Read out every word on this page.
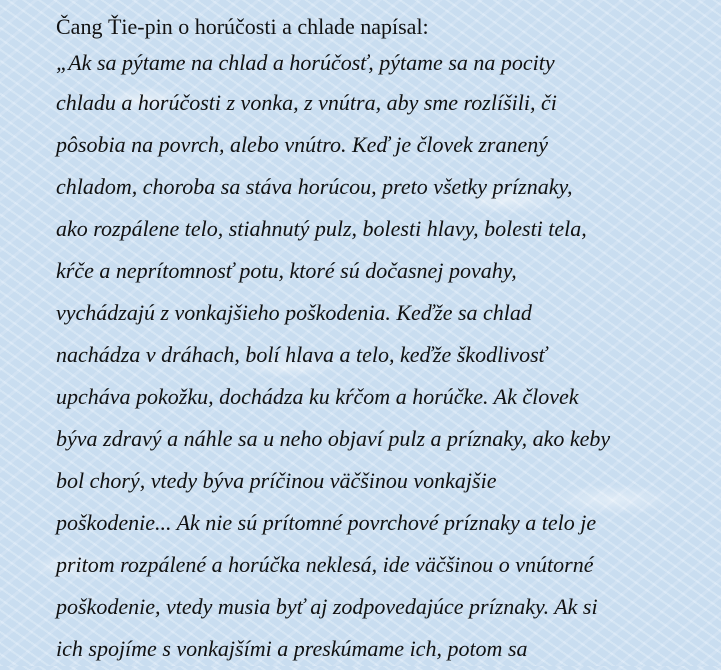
Čang Ťie-pin o horúčosti a chlade napísal:

„Ak sa pýtame na chlad a horúčosť, pýtame sa na pocity
chladu a horúčosti z vonka, z vnútra, aby sme rozlíšili, či
pôsobia na povrch, alebo vnútro. Keď je človek zranený
chladom, choroba sa stáva horúcou, preto všetky príznaky,
ako rozpálene telo, stiahnutý pulz, bolesti hlavy, bolesti tela,
kŕče a neprítomnosť potu, ktoré sú dočasnej povahy,
vychádzajú z vonkajšieho poškodenia. Keďže sa chlad
nachádza v dráhach, bolí hlava a telo, keďže škodlivosť
upcháva pokožku, dochádza ku kŕčom a horúčke. Ak človek
býva zdravý a náhle sa u neho objaví pulz a príznaky, ako keby
bol chorý, vtedy býva príčinou väčšinou vonkajšie
poškodenie... Ak nie sú prítomné povrchové príznaky a telo je
pritom rozpálené a horúčka neklesá, ide väčšinou o vnútorné
poškodenie, vtedy musia byť aj zodpovedajúce príznaky. Ak si
ich spojíme s vonkajšími a preskúmame ich, potom sa
